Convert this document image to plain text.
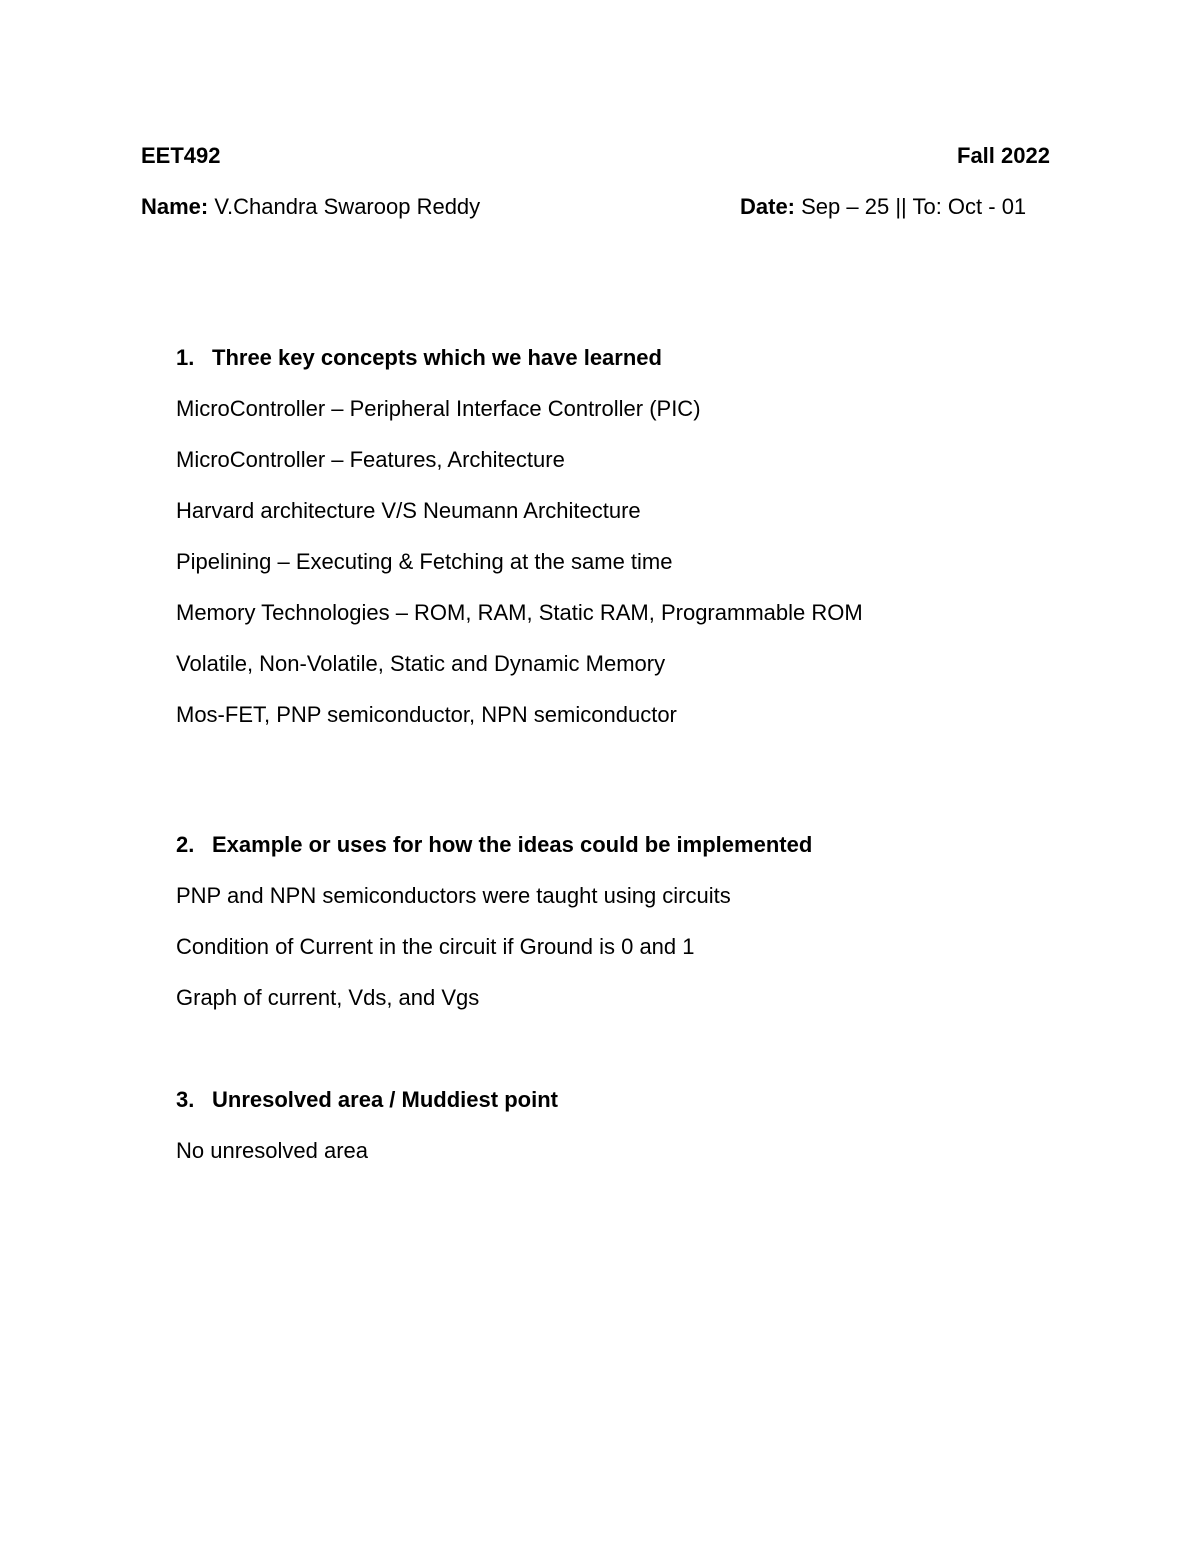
EET492	Fall 2022
Name: V.Chandra Swaroop Reddy	Date: Sep – 25 || To: Oct - 01
1. Three key concepts which we have learned
MicroController – Peripheral Interface Controller (PIC)
MicroController – Features, Architecture
Harvard architecture V/S Neumann Architecture
Pipelining – Executing & Fetching at the same time
Memory Technologies – ROM, RAM, Static RAM, Programmable ROM
Volatile, Non-Volatile, Static and Dynamic Memory
Mos-FET, PNP semiconductor, NPN semiconductor
2. Example or uses for how the ideas could be implemented
PNP and NPN semiconductors were taught using circuits
Condition of Current in the circuit if Ground is 0 and 1
Graph of current, Vds, and Vgs
3. Unresolved area / Muddiest point
No unresolved area
